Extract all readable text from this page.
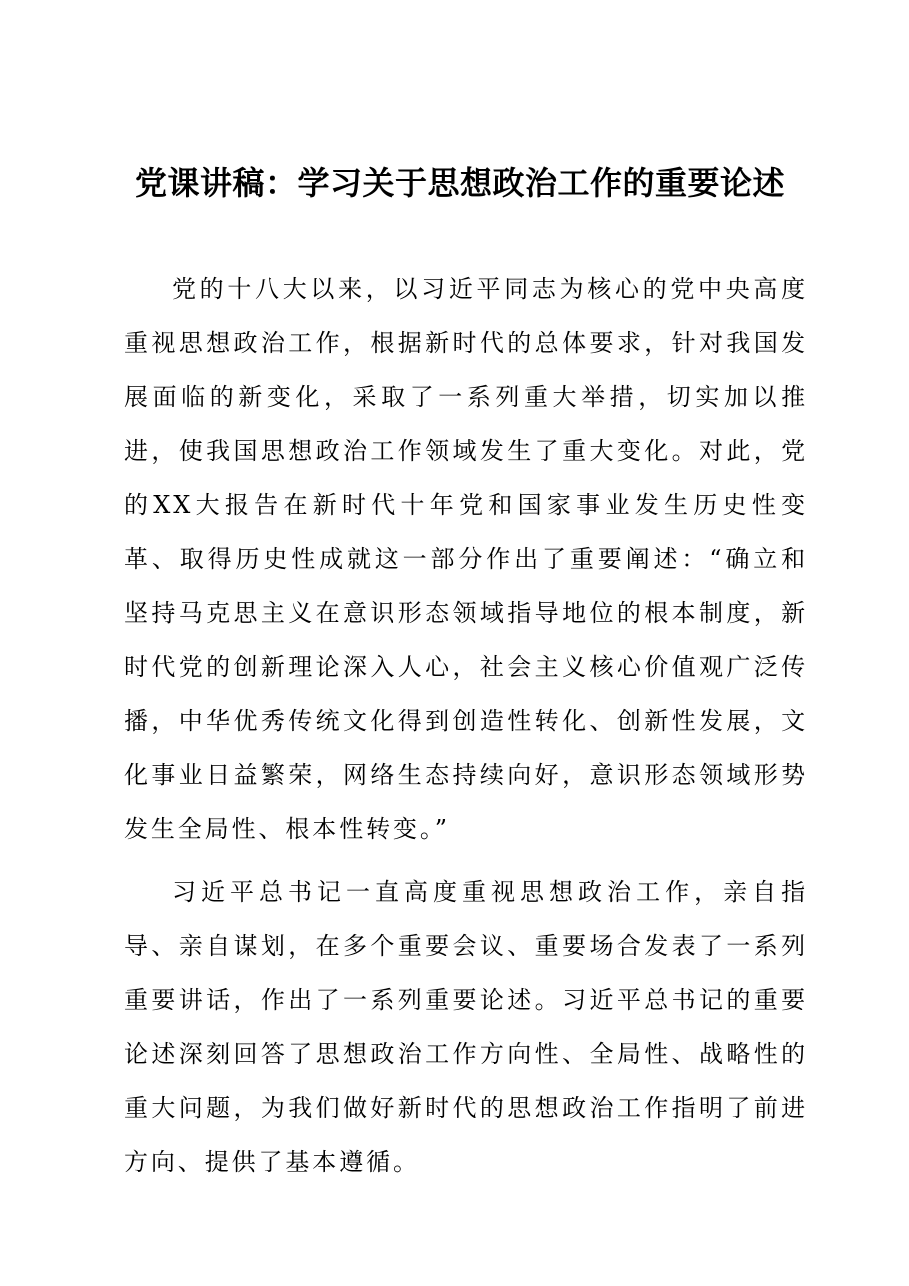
党课讲稿：学习关于思想政治工作的重要论述

党的十八大以来，以习近平同志为核心的党中央高度重视思想政治工作，根据新时代的总体要求，针对我国发展面临的新变化，采取了一系列重大举措，切实加以推进，使我国思想政治工作领域发生了重大变化。对此，党的XX大报告在新时代十年党和国家事业发生历史性变革、取得历史性成就这一部分作出了重要阐述：“确立和坚持马克思主义在意识形态领域指导地位的根本制度，新时代党的创新理论深入人心，社会主义核心价值观广泛传播，中华优秀传统文化得到创造性转化、创新性发展，文化事业日益繁荣，网络生态持续向好，意识形态领域形势发生全局性、根本性转变。”

习近平总书记一直高度重视思想政治工作，亲自指导、亲自谋划，在多个重要会议、重要场合发表了一系列重要讲话，作出了一系列重要论述。习近平总书记的重要论述深刻回答了思想政治工作方向性、全局性、战略性的重大问题，为我们做好新时代的思想政治工作指明了前进方向、提供了基本遵循。
